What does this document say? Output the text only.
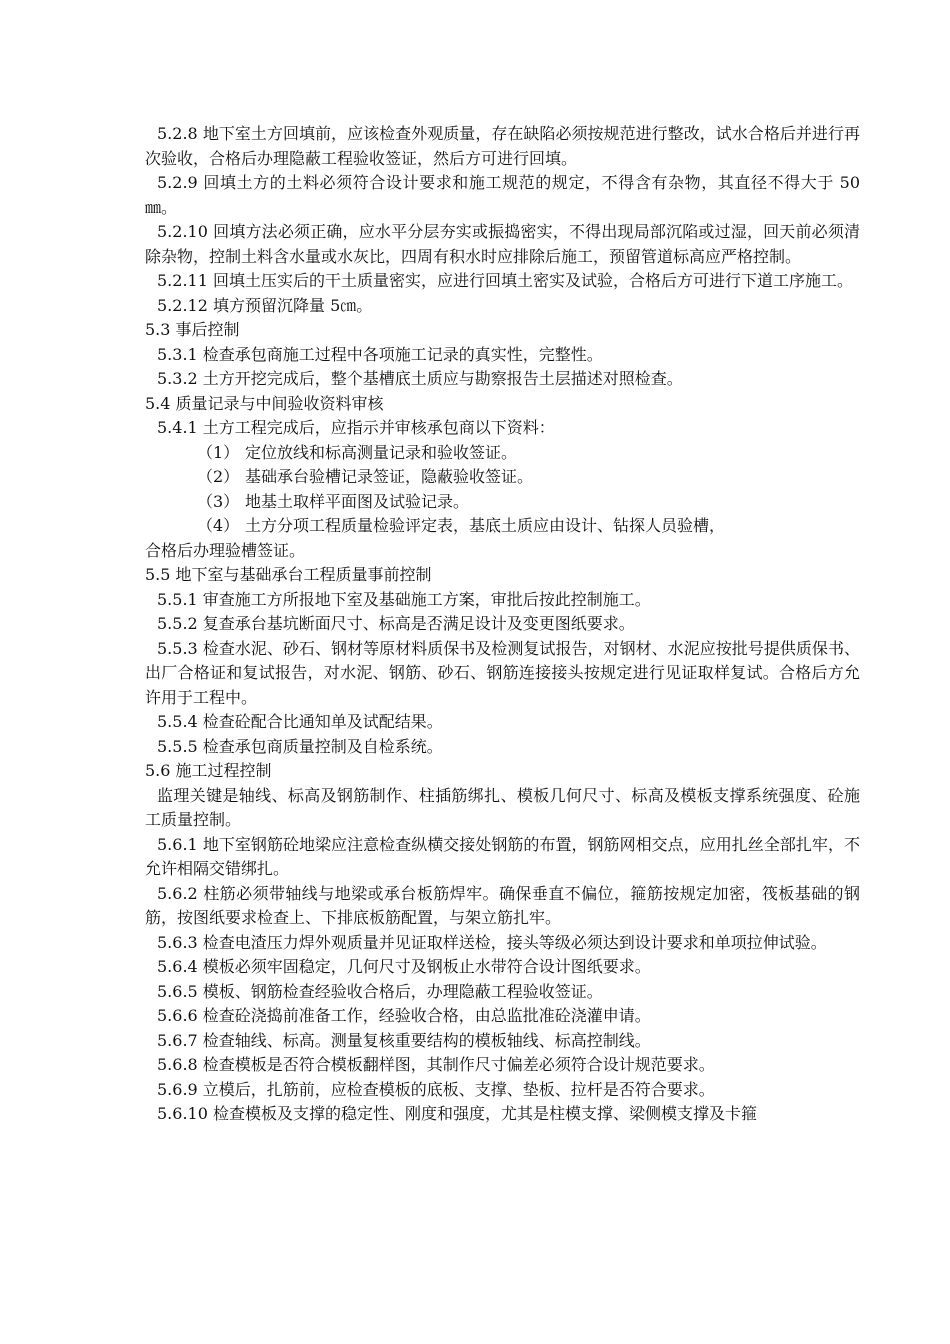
5.2.8 地下室土方回填前，应该检查外观质量，存在缺陷必须按规范进行整改，试水合格后并进行再次验收，合格后办理隐蔽工程验收签证，然后方可进行回填。

5.2.9 回填土方的土料必须符合设计要求和施工规范的规定，不得含有杂物，其直径不得大于 50㎜。

5.2.10 回填方法必须正确，应水平分层夯实或振捣密实，不得出现局部沉陷或过湿，回天前必须清除杂物，控制土料含水量或水灰比，四周有积水时应排除后施工，预留管道标高应严格控制。

5.2.11 回填土压实后的干土质量密实，应进行回填土密实及试验，合格后方可进行下道工序施工。

5.2.12 填方预留沉降量 5㎝。

5.3 事后控制

5.3.1 检查承包商施工过程中各项施工记录的真实性，完整性。

5.3.2 土方开挖完成后，整个基槽底土质应与勘察报告土层描述对照检查。

5.4 质量记录与中间验收资料审核

5.4.1 土方工程完成后，应指示并审核承包商以下资料：

（1） 定位放线和标高测量记录和验收签证。

（2） 基础承台验槽记录签证，隐蔽验收签证。

（3） 地基土取样平面图及试验记录。

（4） 土方分项工程质量检验评定表，基底土质应由设计、钻探人员验槽，

合格后办理验槽签证。

5.5 地下室与基础承台工程质量事前控制

5.5.1 审查施工方所报地下室及基础施工方案，审批后按此控制施工。

5.5.2 复查承台基坑断面尺寸、标高是否满足设计及变更图纸要求。

5.5.3 检查水泥、砂石、钢材等原材料质保书及检测复试报告，对钢材、水泥应按批号提供质保书、出厂合格证和复试报告，对水泥、钢筋、砂石、钢筋连接接头按规定进行见证取样复试。合格后方允许用于工程中。

5.5.4 检查砼配合比通知单及试配结果。

5.5.5 检查承包商质量控制及自检系统。

5.6 施工过程控制

监理关键是轴线、标高及钢筋制作、柱插筋绑扎、模板几何尺寸、标高及模板支撑系统强度、砼施工质量控制。

5.6.1 地下室钢筋砼地梁应注意检查纵横交接处钢筋的布置，钢筋网相交点，应用扎丝全部扎牢，不允许相隔交错绑扎。

5.6.2 柱筋必须带轴线与地梁或承台板筋焊牢。确保垂直不偏位，箍筋按规定加密，筏板基础的钢筋，按图纸要求检查上、下排底板筋配置，与架立筋扎牢。

5.6.3 检查电渣压力焊外观质量并见证取样送检，接头等级必须达到设计要求和单项拉伸试验。

5.6.4 模板必须牢固稳定，几何尺寸及钢板止水带符合设计图纸要求。

5.6.5 模板、钢筋检查经验收合格后，办理隐蔽工程验收签证。

5.6.6 检查砼浇捣前准备工作，经验收合格，由总监批准砼浇灌申请。

5.6.7 检查轴线、标高。测量复核重要结构的模板轴线、标高控制线。

5.6.8 检查模板是否符合模板翻样图，其制作尺寸偏差必须符合设计规范要求。

5.6.9 立模后，扎筋前，应检查模板的底板、支撑、垫板、拉杆是否符合要求。

5.6.10 检查模板及支撑的稳定性、刚度和强度，尤其是柱模支撑、梁侧模支撑及卡箍
